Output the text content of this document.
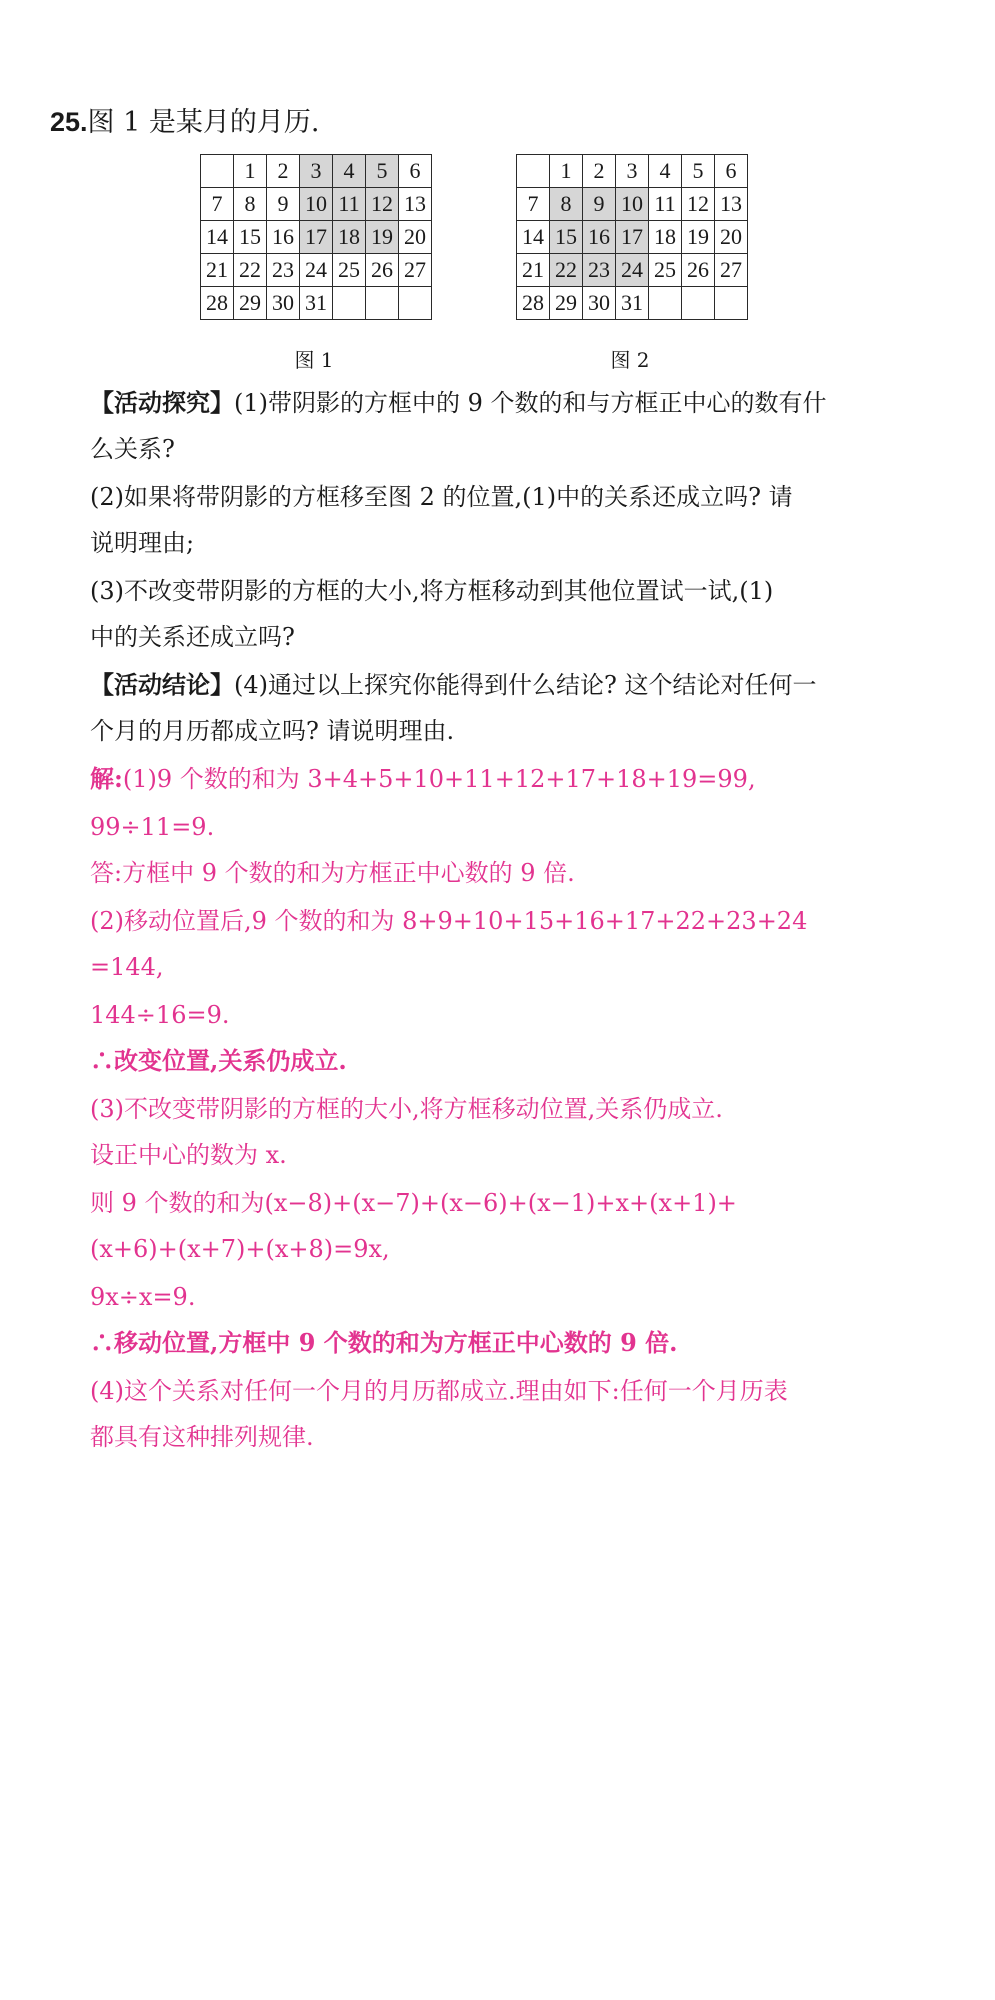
25.图 1 是某月的月历.
	1	2	3	4	5	6
7	8	9	10	11	12	13
14	15	16	17	18	19	20
21	22	23	24	25	26	27
28	29	30	31			
	1	2	3	4	5	6
7	8	9	10	11	12	13
14	15	16	17	18	19	20
21	22	23	24	25	26	27
28	29	30	31			
图 1	图 2
【活动探究】(1)带阴影的方框中的 9 个数的和与方框正中心的数有什
么关系?
(2)如果将带阴影的方框移至图 2 的位置,(1)中的关系还成立吗? 请
说明理由;
(3)不改变带阴影的方框的大小,将方框移动到其他位置试一试,(1)
中的关系还成立吗?
【活动结论】(4)通过以上探究你能得到什么结论? 这个结论对任何一
个月的月历都成立吗? 请说明理由.
解:(1)9 个数的和为 3+4+5+10+11+12+17+18+19=99,
99÷11=9.
答:方框中 9 个数的和为方框正中心数的 9 倍.
(2)移动位置后,9 个数的和为 8+9+10+15+16+17+22+23+24
=144,
144÷16=9.
∴改变位置,关系仍成立.
(3)不改变带阴影的方框的大小,将方框移动位置,关系仍成立.
设正中心的数为 x.
则 9 个数的和为(x−8)+(x−7)+(x−6)+(x−1)+x+(x+1)+
(x+6)+(x+7)+(x+8)=9x,
9x÷x=9.
∴移动位置,方框中 9 个数的和为方框正中心数的 9 倍.
(4)这个关系对任何一个月的月历都成立.理由如下:任何一个月历表
都具有这种排列规律.
